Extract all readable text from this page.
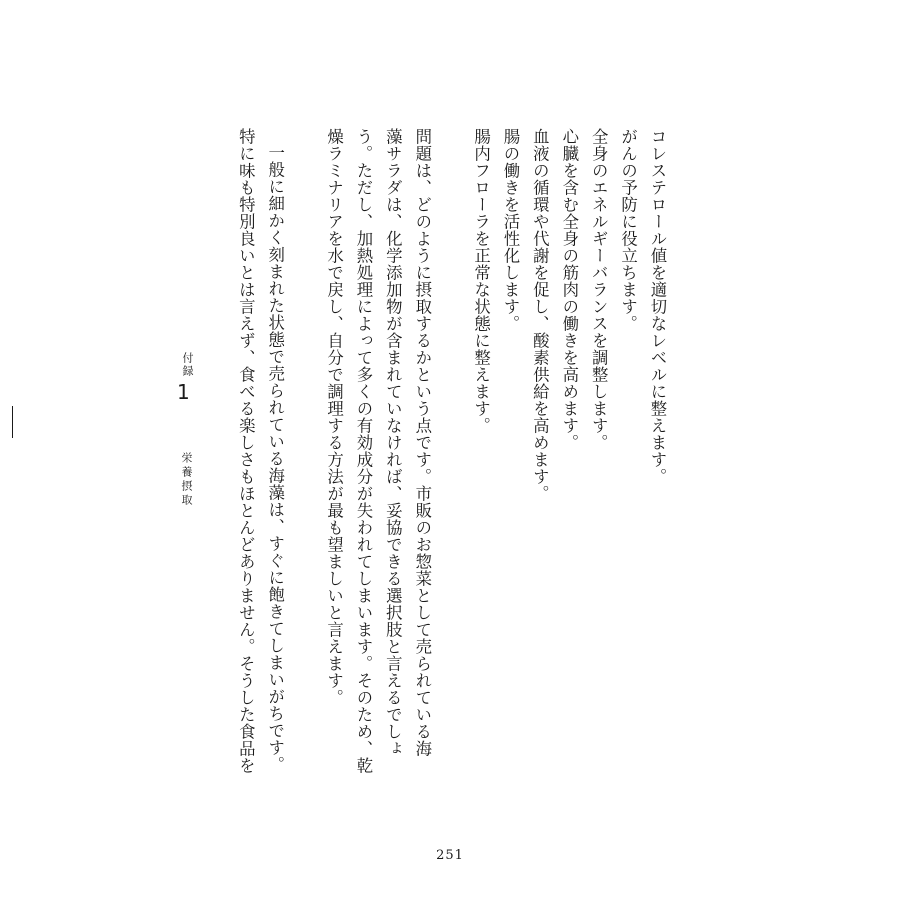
付録
1
栄養摂取	コレステロール値を適切なレベルに整えます。
がんの予防に役立ちます。
全身のエネルギーバランスを調整します。
心臓を含む全身の筋肉の働きを高めます。
血液の循環や代謝を促し、酸素供給を高めます。
腸の働きを活性化します。
腸内フローラを正常な状態に整えます。
問題は、どのように摂取するかという点です。市販のお惣菜として売られている海
藻サラダは、化学添加物が含まれていなければ、妥協できる選択肢と言えるでしょ
う。ただし、加熱処理によって多くの有効成分が失われてしまいます。そのため、乾
燥ラミナリアを水で戻し、自分で調理する方法が最も望ましいと言えます。
一般に細かく刻まれた状態で売られている海藻は、すぐに飽きてしまいがちです。
特に味も特別良いとは言えず、食べる楽しさもほとんどありません。そうした食品を
251
